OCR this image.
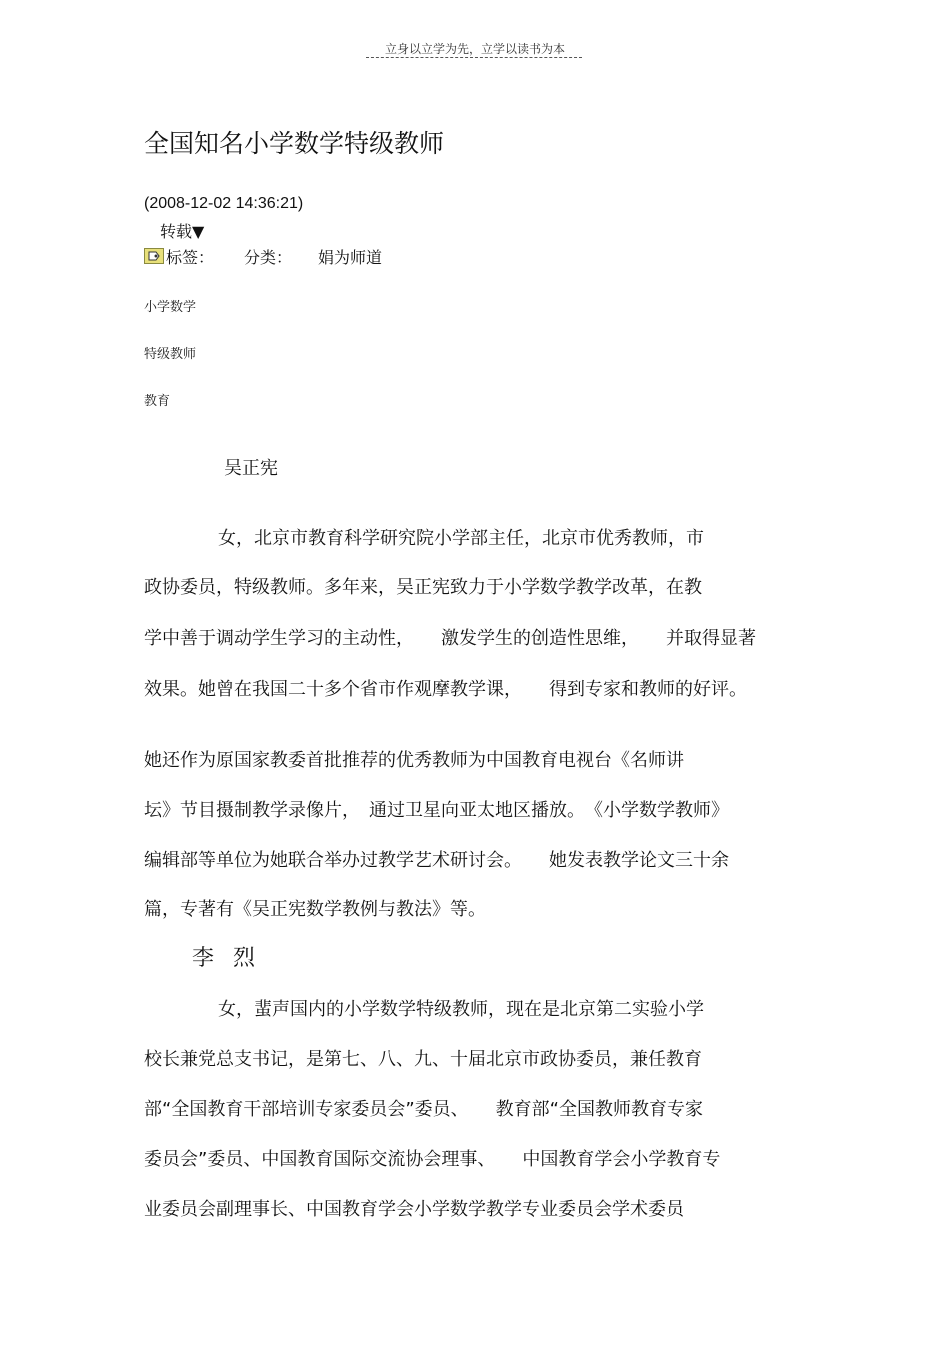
立身以立学为先，立学以读书为本
全国知名小学数学特级教师
(2008-12-02 14:36:21)
转载▼
标签： 分类： 娟为师道
小学数学
特级教师
教育
吴正宪
女，北京市教育科学研究院小学部主任，北京市优秀教师，市
政协委员，特级教师。多年来，吴正宪致力于小学数学教学改革，在教
学中善于调动学生学习的主动性，　　激发学生的创造性思维，　　并取得显著
效果。她曾在我国二十多个省市作观摩教学课，　　得到专家和教师的好评。
她还作为原国家教委首批推荐的优秀教师为中国教育电视台《名师讲
坛》节目摄制教学录像片，　通过卫星向亚太地区播放。　《小学数学教师》
编辑部等单位为她联合举办过教学艺术研讨会。　　她发表教学论文三十余
篇，专著有《吴正宪数学教例与教法》等。
李 烈
女，蜚声国内的小学数学特级教师，现在是北京第二实验小学
校长兼党总支书记，是第七、八、九、十届北京市政协委员，兼任教育
部“全国教育干部培训专家委员会”委员、　　教育部“全国教师教育专家
委员会”委员、中国教育国际交流协会理事、　　中国教育学会小学教育专
业委员会副理事长、中国教育学会小学数学教学专业委员会学术委员
